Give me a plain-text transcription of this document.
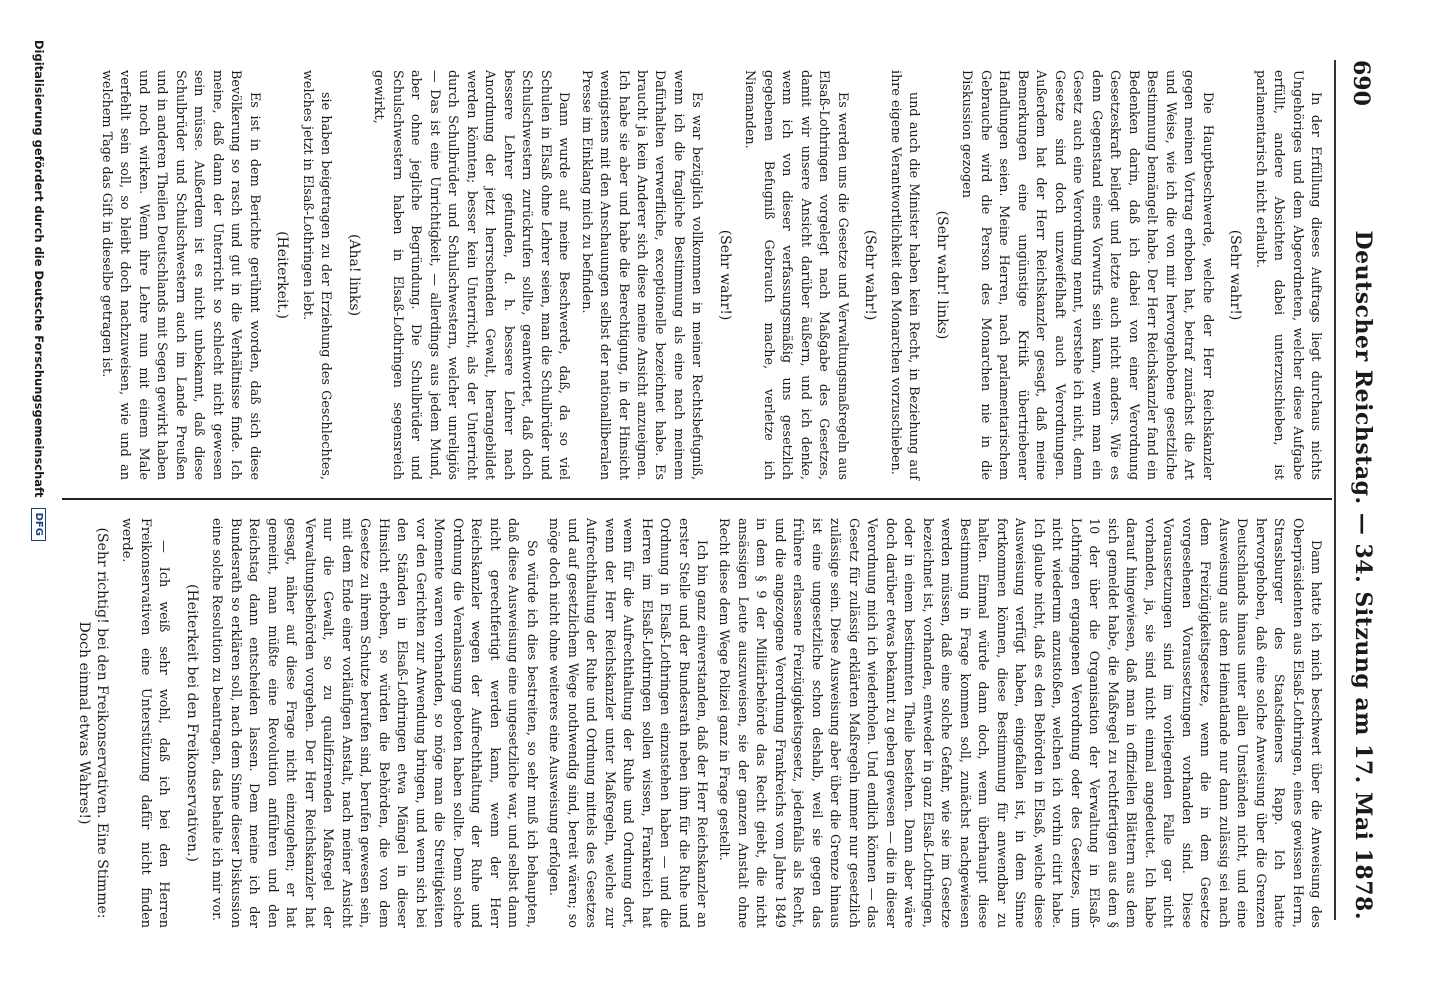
690
Deutscher Reichstag. — 34. Sitzung am 17. Mai 1878.

In der Erfüllung dieses Auftrags liegt durchaus nichts Ungehöriges und dem Abgeordneten, welcher diese Aufgabe erfüllt, andere Absichten dabei unterzuschieben, ist parlamentarisch nicht erlaubt.

(Sehr wahr!)

Die Hauptbeschwerde, welche der Herr Reichskanzler gegen meinen Vortrag erhoben hat, betraf zunächst die Art und Weise, wie ich die von mir hervorgehobene gesetzliche Bestimmung bemängelt habe. Der Herr Reichskanzler fand ein Bedenken darin, daß ich dabei von einer Verordnung Gesetzeskraft beilegt und letzte auch nicht anders. Wie es denn Gegenstand eines Vorwurfs sein kann, wenn man ein Gesetz auch eine Verordnung nennt, verstehe ich nicht, denn Gesetze sind doch unzweifelhaft auch Verordnungen. Außerdem hat der Herr Reichskanzler gesagt, daß meine Bemerkungen eine ungünstige Kritik übertriebener Handlungen seien. Meine Herren, nach parlamentarischem Gebrauche wird die Person des Monarchen nie in die Diskussion gezogen

(Sehr wahr! links)

und auch die Minister haben kein Recht, in Beziehung auf ihre eigene Verantwortlichkeit den Monarchen vorzuschieben.

(Sehr wahr!)

Es werden uns die Gesetze und Verwaltungsmaßregeln aus Elsaß-Lothringen vorgelegt nach Maßgabe des Gesetzes, damit wir unsere Ansicht darüber äußern, und ich denke, wenn ich von dieser verfassungsmäßig uns gesetzlich gegebenen Befugniß Gebrauch mache, verletze ich Niemanden.

(Sehr wahr!)

Es war bezüglich vollkommen in meiner Rechtsbefugniß, wenn ich die fragliche Bestimmung als eine nach meinem Dafürhalten verwerfliche, exceptionelle bezeichnet habe. Es braucht ja kein Anderer sich diese meine Ansicht anzueignen. Ich habe sie aber und habe die Berechtigung, in der Hinsicht wenigstens mit den Anschauungen selbst der nationalliberalen Presse im Einklang mich zu befinden.

Dann wurde auf meine Beschwerde, daß, da so viel Schulen in Elsaß ohne Lehrer seien, man die Schulbrüder und Schulschwestern zurückrufen sollte, geantwortet, daß doch bessere Lehrer gefunden, d. h. bessere Lehrer nach Anordnung der jetzt herrschenden Gewalt, herangebildet werden könnten; besser kein Unterricht, als der Unterricht durch Schulbrüder und Schulschwestern, welcher unreligiös — Das ist eine Unrichtigkeit, — allerdings aus jedem Mund, aber ohne jegliche Begründung. Die Schulbrüder und Schulschwestern haben in Elsaß-Lothringen segensreich gewirkt,

(Aha! links)

sie haben beigetragen zu der Erziehung des Geschlechtes, welches jetzt in Elsaß-Lothringen lebt.

(Heiterkeit.)

Es ist in dem Berichte gerühmt worden, daß sich diese Bevölkerung so rasch und gut in die Verhältnisse finde. Ich meine, daß dann der Unterricht so schlecht nicht gewesen sein müsse. Außerdem ist es nicht unbekannt, daß diese Schulbrüder und Schulschwestern auch im Lande Preußen und in anderen Theilen Deutschlands mit Segen gewirkt haben und noch wirken. Wenn ihre Lehre nun mit einem Male verfehlt sein soll, so bleibt doch nachzuweisen, wie und an welchem Tage das Gift in dieselbe getragen ist.

Dann hatte ich mich beschwert über die Anweisung des Oberpräsidenten aus Elsaß-Lothringen, eines gewissen Herrn, Strassburger des Staatsdieners Rapp. Ich hatte hervorgehoben, daß eine solche Anweisung über die Grenzen Deutschlands hinaus unter allen Umständen nicht, und eine Ausweisung aus dem Heimatlande nur dann zulässig sei nach dem Freizügigkeitsgesetze, wenn die in dem Gesetze vorgesehenen Voraussetzungen vorhanden sind. Diese Voraussetzungen sind im vorliegenden Falle gar nicht vorhanden, ja, sie sind nicht einmal angedeutet. Ich habe darauf hingewiesen, daß man in offiziellen Blättern aus dem sich gemeldet habe, die Maßregel zu rechtfertigen aus dem § 10 der über die Organisation der Verwaltung in Elsaß-Lothringen ergangenen Verordnung oder des Gesetzes, um nicht wiederum anzustoßen, welchen ich vorhin citirt habe. Ich glaube nicht, daß es den Behörden in Elsaß, welche diese Ausweisung verfügt haben, eingefallen ist, in dem Sinne fortkommen können, diese Bestimmung für anwendbar zu halten. Einmal würde dann doch, wenn überhaupt diese Bestimmung in Frage kommen soll, zunächst nachgewiesen werden müssen, daß eine solche Gefahr, wie sie im Gesetze bezeichnet ist, vorhanden, entweder in ganz Elsaß-Lothringen, oder in einem bestimmten Theile bestehen. Dann aber wäre doch darüber etwas bekannt zu geben gewesen — die in dieser Verordnung mich ich wiederholen. Und endlich können — das Gesetz für zulässig erklärten Maßregeln immer nur gesetzlich zulässige sein. Diese Ausweisung aber über die Grenze hinaus ist eine ungesetzliche schon deshalb, weil sie gegen das frühere erlassene Freizügigkeitsgesetz, jedenfalls als Recht, und die angezogene Verordnung Frankreichs vom Jahre 1849 in dem § 9 der Militärbehörde das Recht giebt, die nicht ansässigen Leute auszuweisen, sie der ganzen Anstalt ohne Recht diese dem Wege Polizei ganz in Frage gestellt.

Ich bin ganz einverstanden, daß der Herr Reichskanzler an erster Stelle und der Bundesrath neben ihm für die Ruhe und Ordnung in Elsaß-Lothringen einzustehen haben — und die Herren im Elsaß-Lothringen sollen wissen, Frankreich hat wenn für die Aufrechthaltung der Ruhe und Ordnung dort, wenn der Herr Reichskanzler unter Maßregeln, welche zur Aufrechthaltung der Ruhe und Ordnung mittels des Gesetzes und auf gesetzlichem Wege nothwendig sind, bereit wären; so möge doch nicht ohne weiteres eine Ausweisung erfolgen.

So würde ich dies bestreiten, so sehr muß ich behaupten, daß diese Ausweisung eine ungesetzliche war, und selbst dann nicht gerechtfertigt werden kann, wenn der Herr Reichskanzler wegen der Aufrechthaltung der Ruhe und Ordnung die Veranlassung geboten haben sollte. Denn solche Momente waren vorhanden, so möge man die Streitigkeiten vor den Gerichten zur Anwendung bringen, und wenn sich bei den Ständen in Elsaß-Lothringen etwa Mängel in dieser Hinsicht erhoben, so würden die Behörden, die von dem Gesetze zu ihrem Schutze berufen sind, berufen gewesen sein, mit dem Ende einer vorläufigen Anstalt, nach meiner Ansicht nur die Gewalt, so zu qualifizirenden Maßregel der Verwaltungsbehörden vorgehen. Der Herr Reichskanzler hat gesagt, näher auf diese Frage nicht einzugehen; er hat gemeint, man müßte eine Revolution anführen und den Reichstag dann entscheiden lassen. Dem meine ich der Bundesrath so erklären soll, nach dem Sinne dieser Diskussion eine solche Resolution zu beantragen, das behalte ich mir vor.

(Heiterkeit bei den Freikonservativen.)

— Ich weiß sehr wohl, daß ich bei den Herren Freikonservativen eine Unterstützung dafür nicht finden werde.

(Sehr richtig! bei den Freikonservativen. Eine Stimme: Doch einmal etwas Wahres!)

Digitalisierung gefördert durch die Deutsche Forschungsgemeinschaft DFG
